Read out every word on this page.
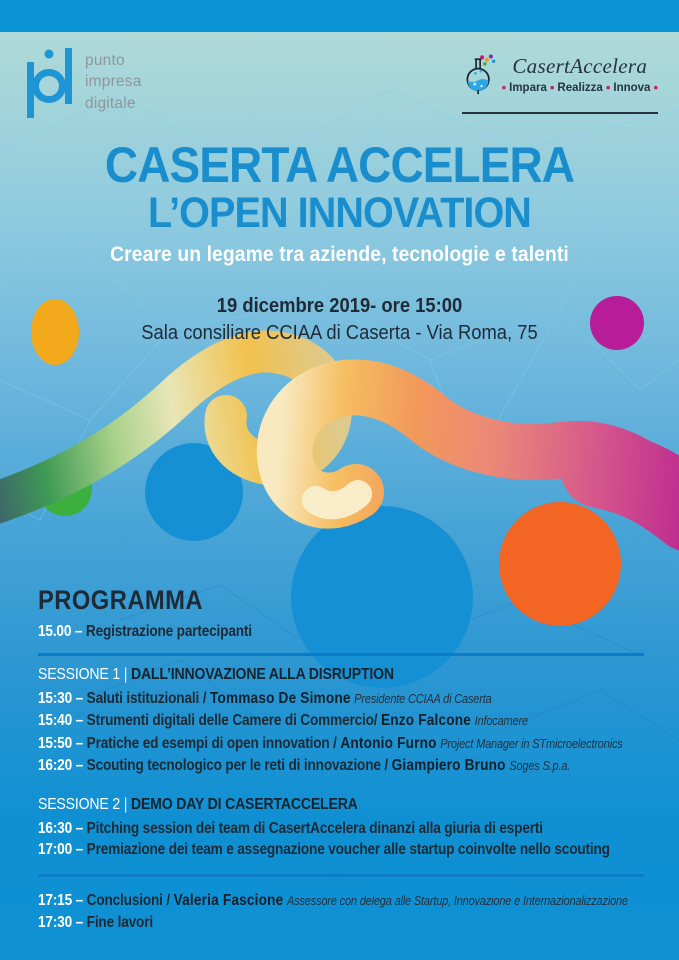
punto
impresa
digitale
CasertAccelera
• Impara • Realizza • Innova •
CASERTA ACCELERA
L’OPEN INNOVATION
Creare un legame tra aziende, tecnologie e talenti
19 dicembre 2019- ore 15:00
Sala consiliare CCIAA di Caserta - Via Roma, 75
PROGRAMMA
15.00 – Registrazione partecipanti
SESSIONE 1 | DALL’INNOVAZIONE ALLA DISRUPTION
15:30 – Saluti istituzionali / Tommaso De Simone Presidente CCIAA di Caserta
15:40 – Strumenti digitali delle Camere di Commercio/ Enzo Falcone Infocamere
15:50 – Pratiche ed esempi di open innovation / Antonio Furno Project Manager in STmicroelectronics
16:20 – Scouting tecnologico per le reti di innovazione / Giampiero Bruno Soges S.p.a.
SESSIONE 2 | DEMO DAY DI CASERTACCELERA
16:30 – Pitching session dei team di CasertAccelera dinanzi alla giuria di esperti
17:00 – Premiazione dei team e assegnazione voucher alle startup coinvolte nello scouting
17:15 – Conclusioni / Valeria Fascione Assessore con delega alle Startup, Innovazione e Internazionalizzazione
17:30 – Fine lavori
